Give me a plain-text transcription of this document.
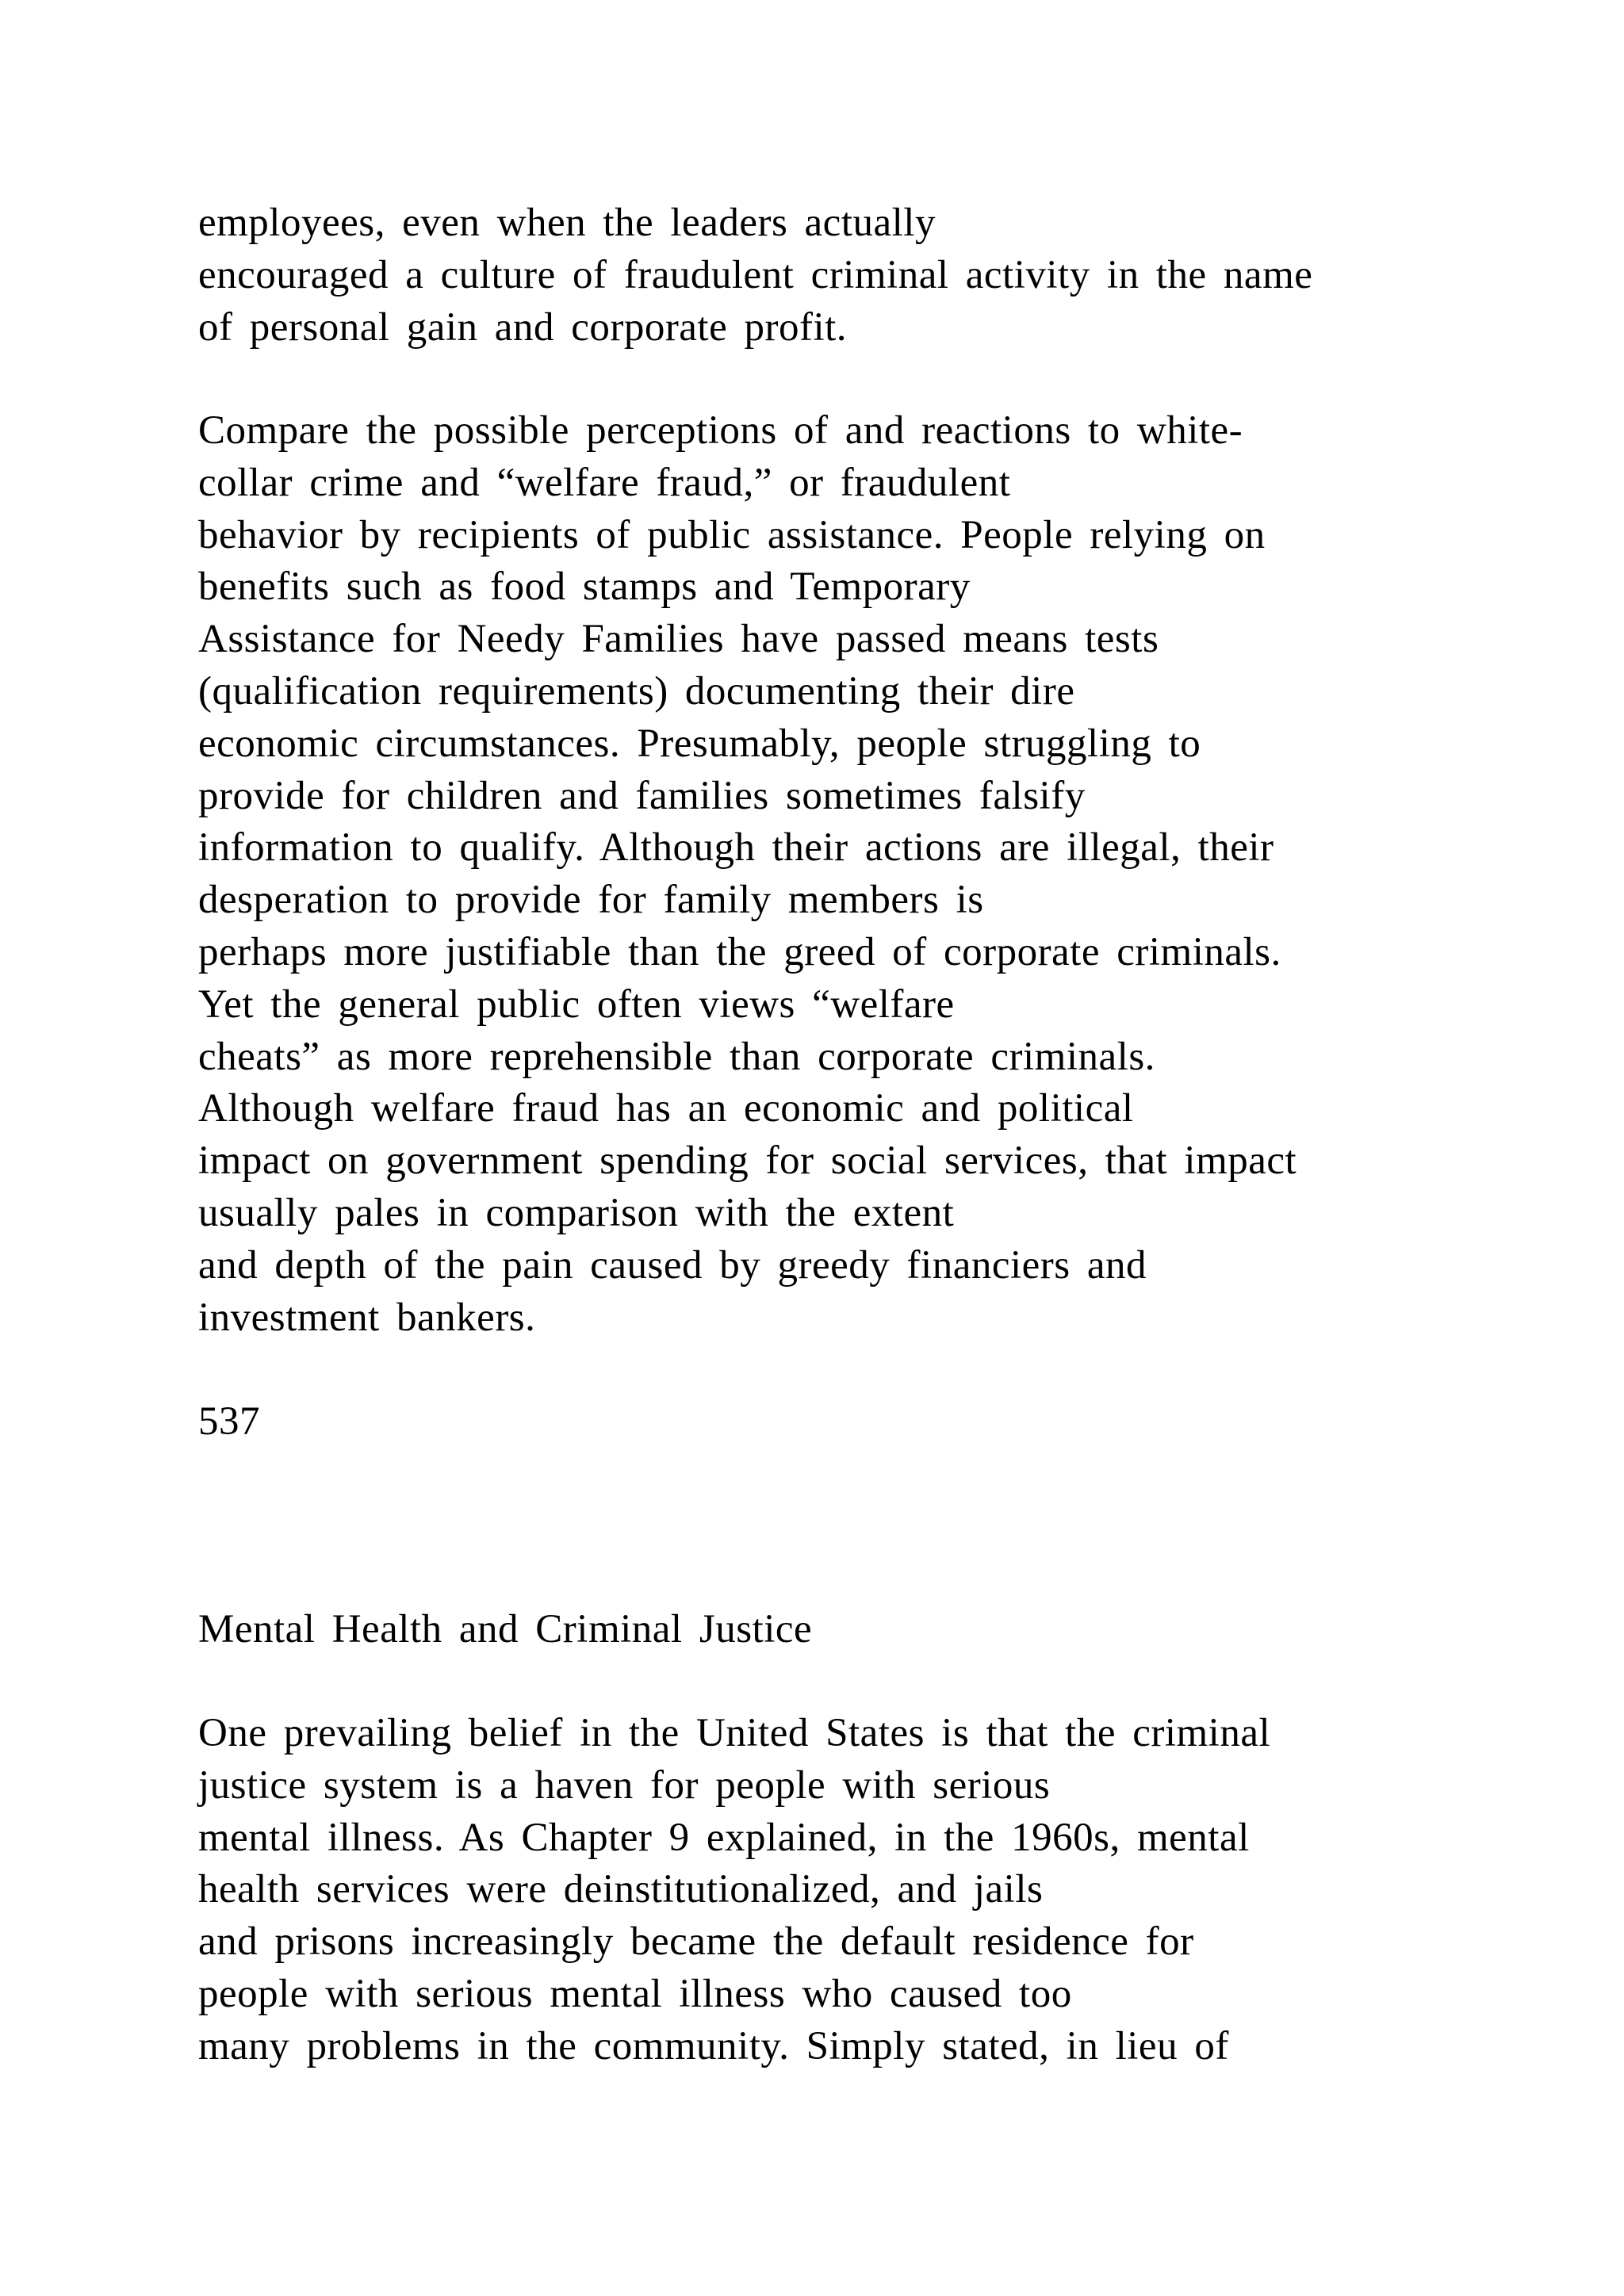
employees, even when the leaders actually
encouraged a culture of fraudulent criminal activity in the name
of personal gain and corporate profit.

Compare the possible perceptions of and reactions to white-
collar crime and “welfare fraud,” or fraudulent
behavior by recipients of public assistance. People relying on
benefits such as food stamps and Temporary
Assistance for Needy Families have passed means tests
(qualification requirements) documenting their dire
economic circumstances. Presumably, people struggling to
provide for children and families sometimes falsify
information to qualify. Although their actions are illegal, their
desperation to provide for family members is
perhaps more justifiable than the greed of corporate criminals.
Yet the general public often views “welfare
cheats” as more reprehensible than corporate criminals.
Although welfare fraud has an economic and political
impact on government spending for social services, that impact
usually pales in comparison with the extent
and depth of the pain caused by greedy financiers and
investment bankers.

537

Mental Health and Criminal Justice

One prevailing belief in the United States is that the criminal
justice system is a haven for people with serious
mental illness. As Chapter 9 explained, in the 1960s, mental
health services were deinstitutionalized, and jails
and prisons increasingly became the default residence for
people with serious mental illness who caused too
many problems in the community. Simply stated, in lieu of
